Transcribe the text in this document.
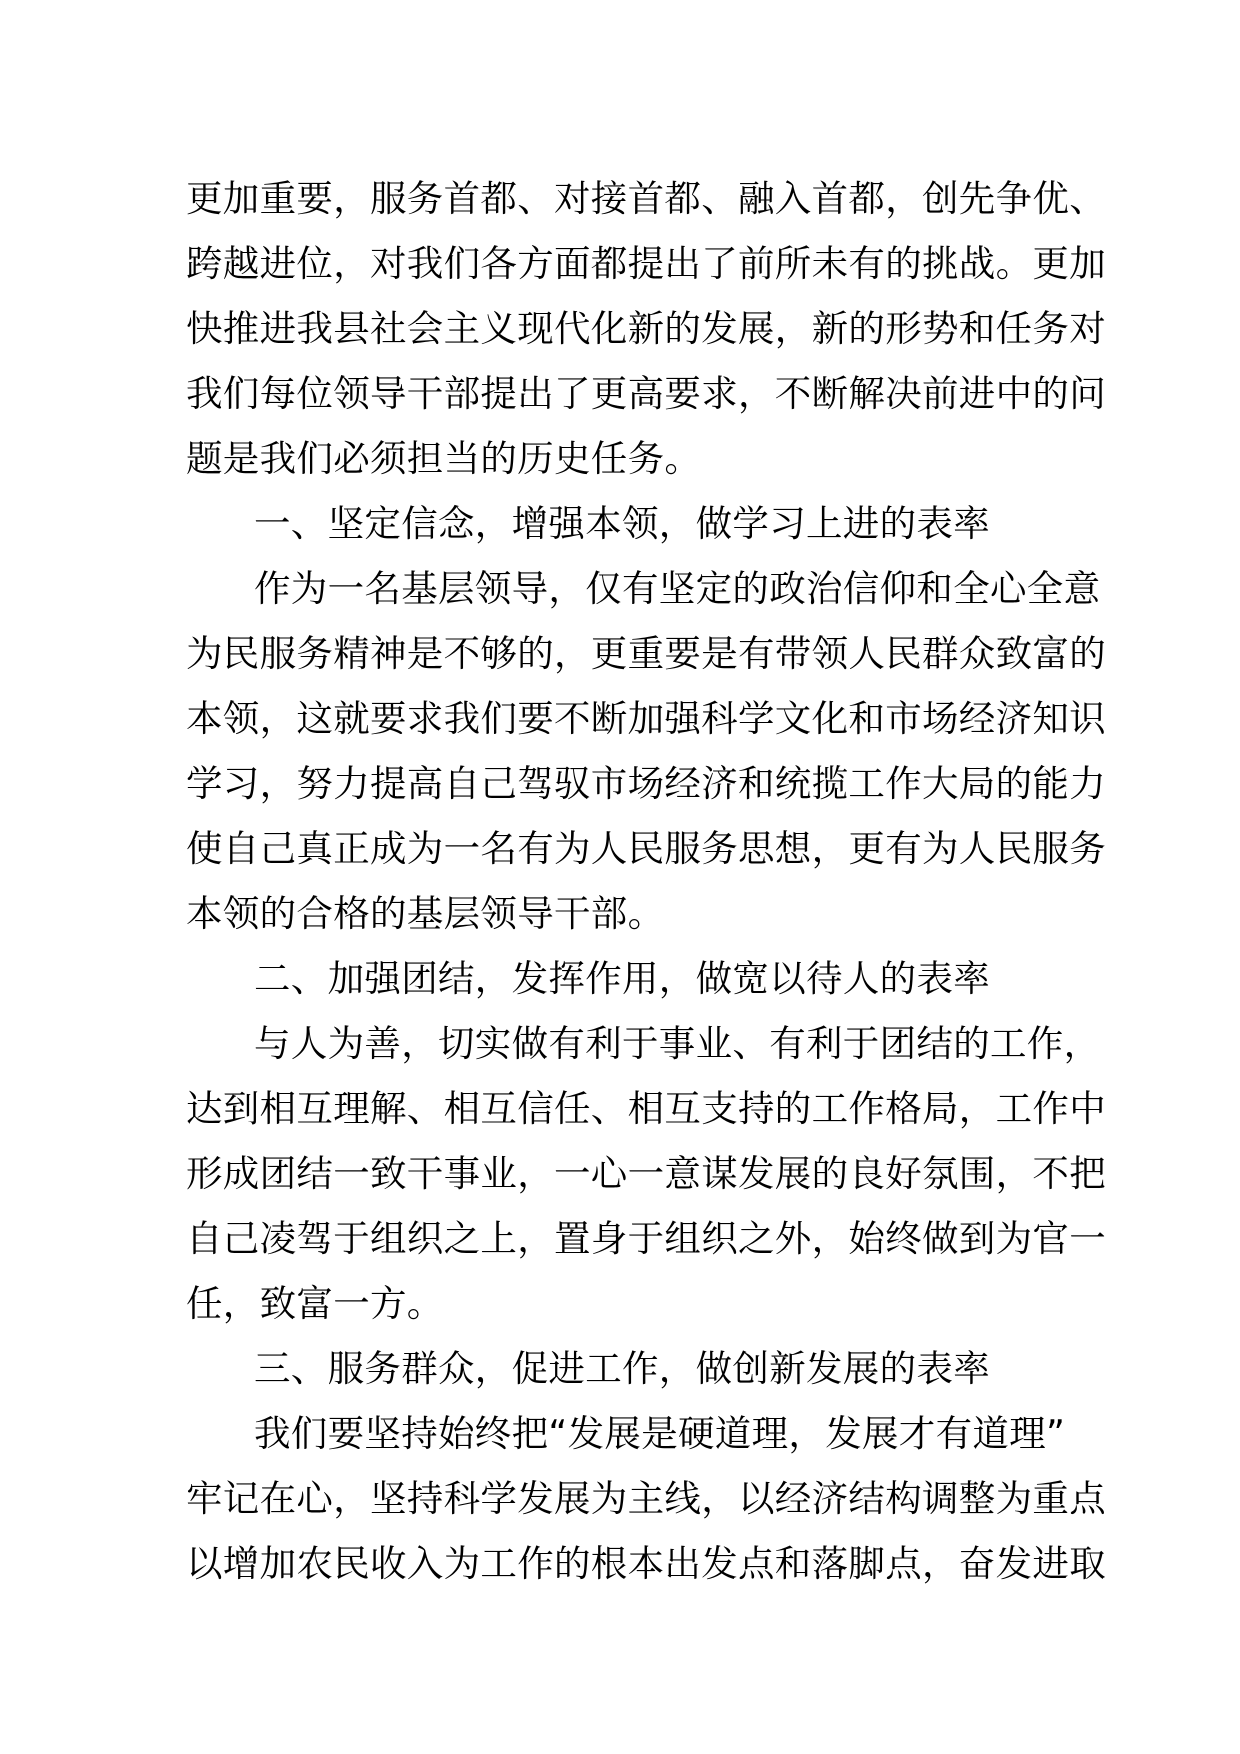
更加重要，服务首都、对接首都、融入首都，创先争优、
跨越进位，对我们各方面都提出了前所未有的挑战。更加
快推进我县社会主义现代化新的发展，新的形势和任务对
我们每位领导干部提出了更高要求，不断解决前进中的问
题是我们必须担当的历史任务。
一、坚定信念，增强本领，做学习上进的表率
作为一名基层领导，仅有坚定的政治信仰和全心全意
为民服务精神是不够的，更重要是有带领人民群众致富的
本领，这就要求我们要不断加强科学文化和市场经济知识
学习，努力提高自己驾驭市场经济和统揽工作大局的能力
使自己真正成为一名有为人民服务思想，更有为人民服务
本领的合格的基层领导干部。
二、加强团结，发挥作用，做宽以待人的表率
与人为善，切实做有利于事业、有利于团结的工作，
达到相互理解、相互信任、相互支持的工作格局，工作中
形成团结一致干事业，一心一意谋发展的良好氛围，不把
自己凌驾于组织之上，置身于组织之外，始终做到为官一
任，致富一方。
三、服务群众，促进工作，做创新发展的表率
我们要坚持始终把“发展是硬道理，发展才有道理”
牢记在心，坚持科学发展为主线，以经济结构调整为重点
以增加农民收入为工作的根本出发点和落脚点，奋发进取
